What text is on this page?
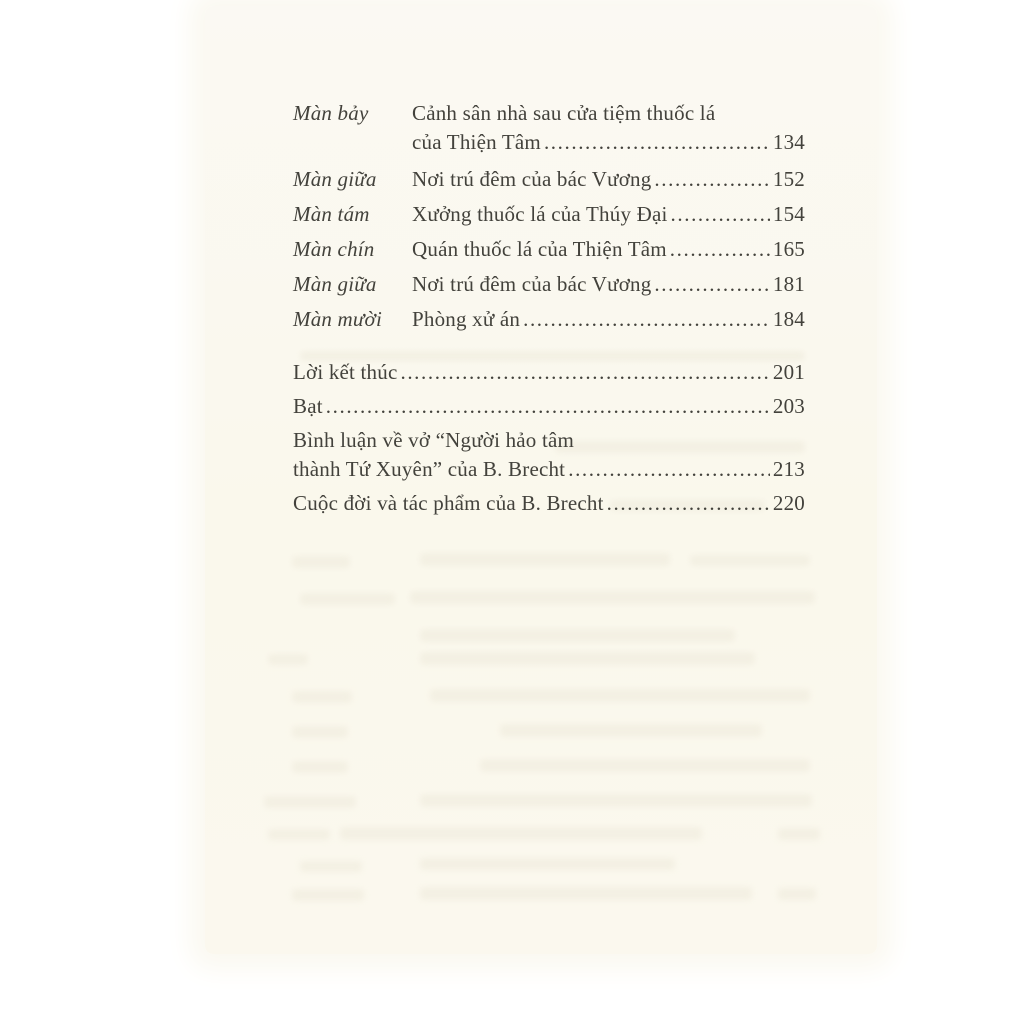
Màn bảy	Cảnh sân nhà sau cửa tiệm thuốc lá
của Thiện Tâm .....	134
Màn giữa	Nơi trú đêm của bác Vương .....	152
Màn tám	Xưởng thuốc lá của Thúy Đại .....	154
Màn chín	Quán thuốc lá của Thiện Tâm .....	165
Màn giữa	Nơi trú đêm của bác Vương .....	181
Màn mười	Phòng xử án .....	184
Lời kết thúc .....	201
Bạt .....	203
Bình luận về vở “Người hảo tâm
thành Tứ Xuyên” của B. Brecht .....	213
Cuộc đời và tác phẩm của B. Brecht .....	220
